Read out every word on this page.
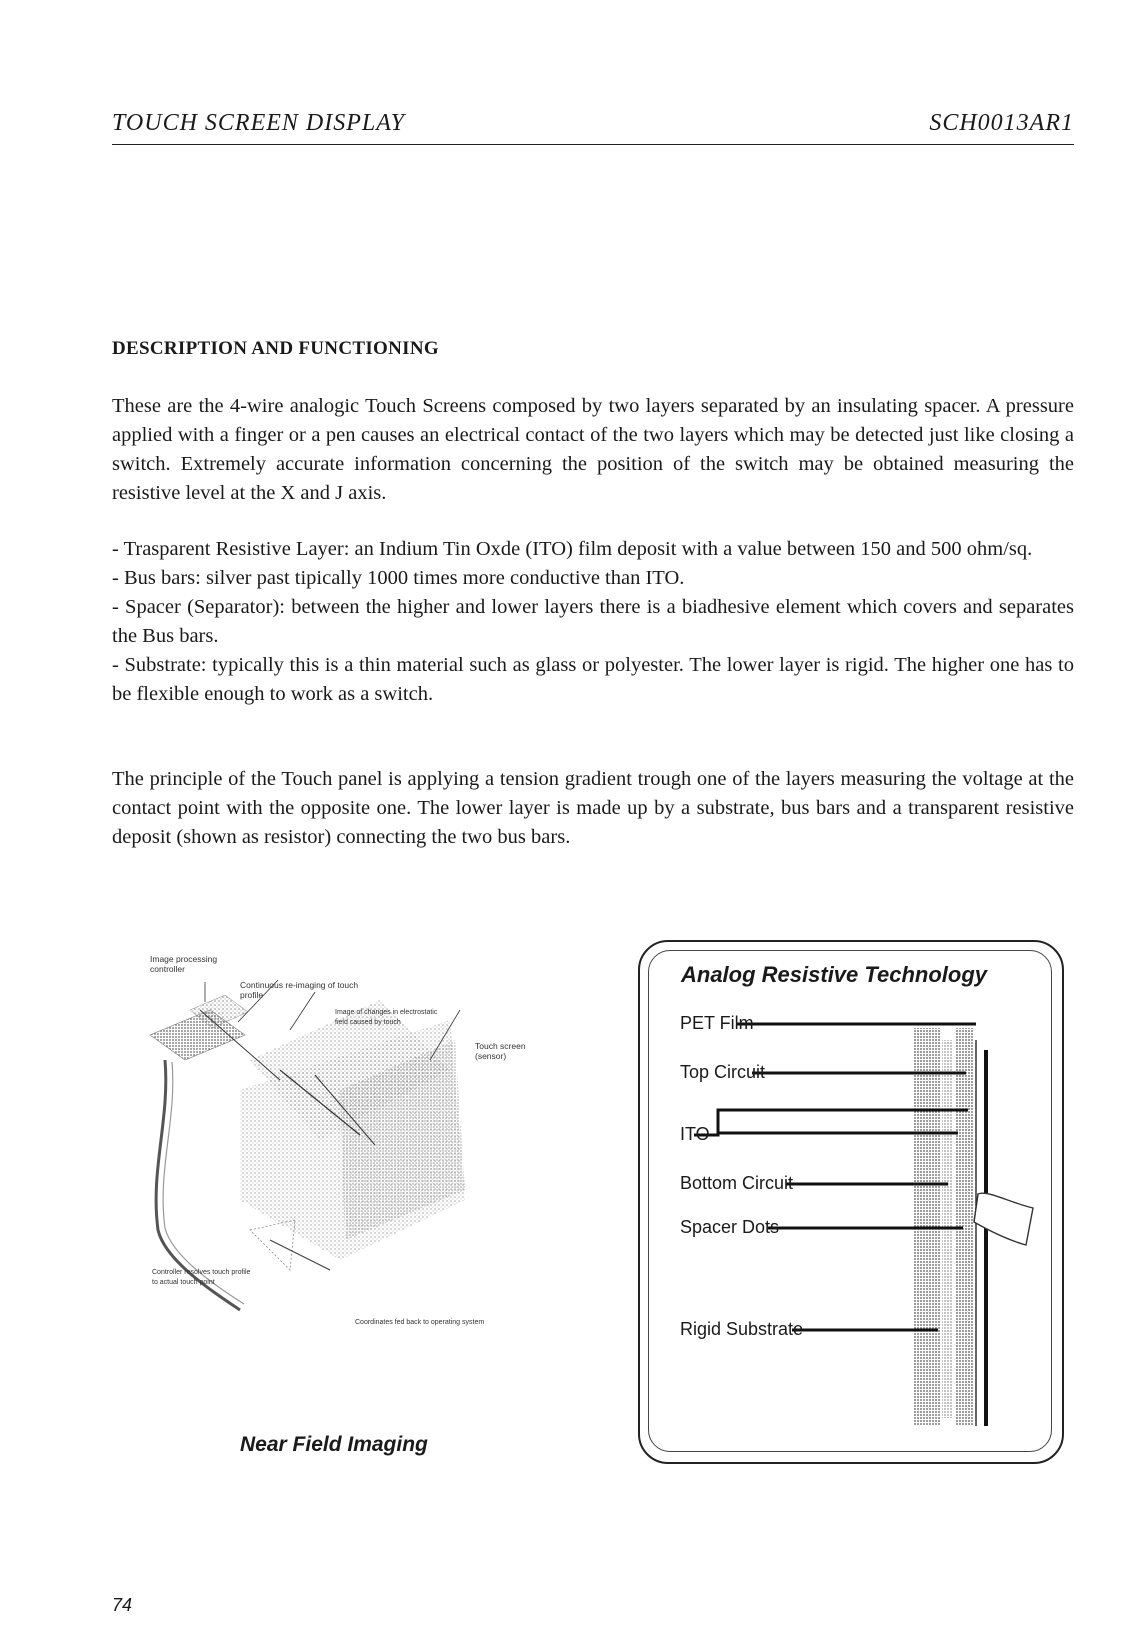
TOUCH SCREEN DISPLAY	SCH0013AR1
DESCRIPTION AND FUNCTIONING

These are the 4-wire analogic Touch Screens composed by two layers separated by an insulating spacer. A pressure applied with a finger or a pen causes an electrical contact of the two layers which may be detected just like closing a switch. Extremely accurate information concerning the position of the switch may be obtained measuring the resistive level at the X and J axis.

- Trasparent Resistive Layer: an Indium Tin Oxde (ITO) film deposit with a value between 150 and 500 ohm/sq.

- Bus bars: silver past tipically 1000 times more conductive than ITO.

- Spacer (Separator): between the higher and lower layers there is a biadhesive element which covers and separates the Bus bars.

- Substrate: typically this is a thin material such as glass or polyester. The lower layer is rigid. The higher one has to be flexible enough to work as a switch.

The principle of the Touch panel is applying a tension gradient trough one of the layers measuring the voltage at the contact point with the opposite one. The lower layer is made up by a substrate, bus bars and a transparent resistive deposit (shown as resistor) connecting the two bus bars.

Image processing controller
Continuous re-imaging of touch profile
Image of changes in electrostatic field caused by touch
Touch screen (sensor)
Controller resolves touch profile to actual touch point
Coordinates fed back to operating system
Near Field Imaging
Analog Resistive Technology
PET Film
Top Circuit
ITO
Bottom Circuit
Spacer Dots
Rigid Substrate
74
